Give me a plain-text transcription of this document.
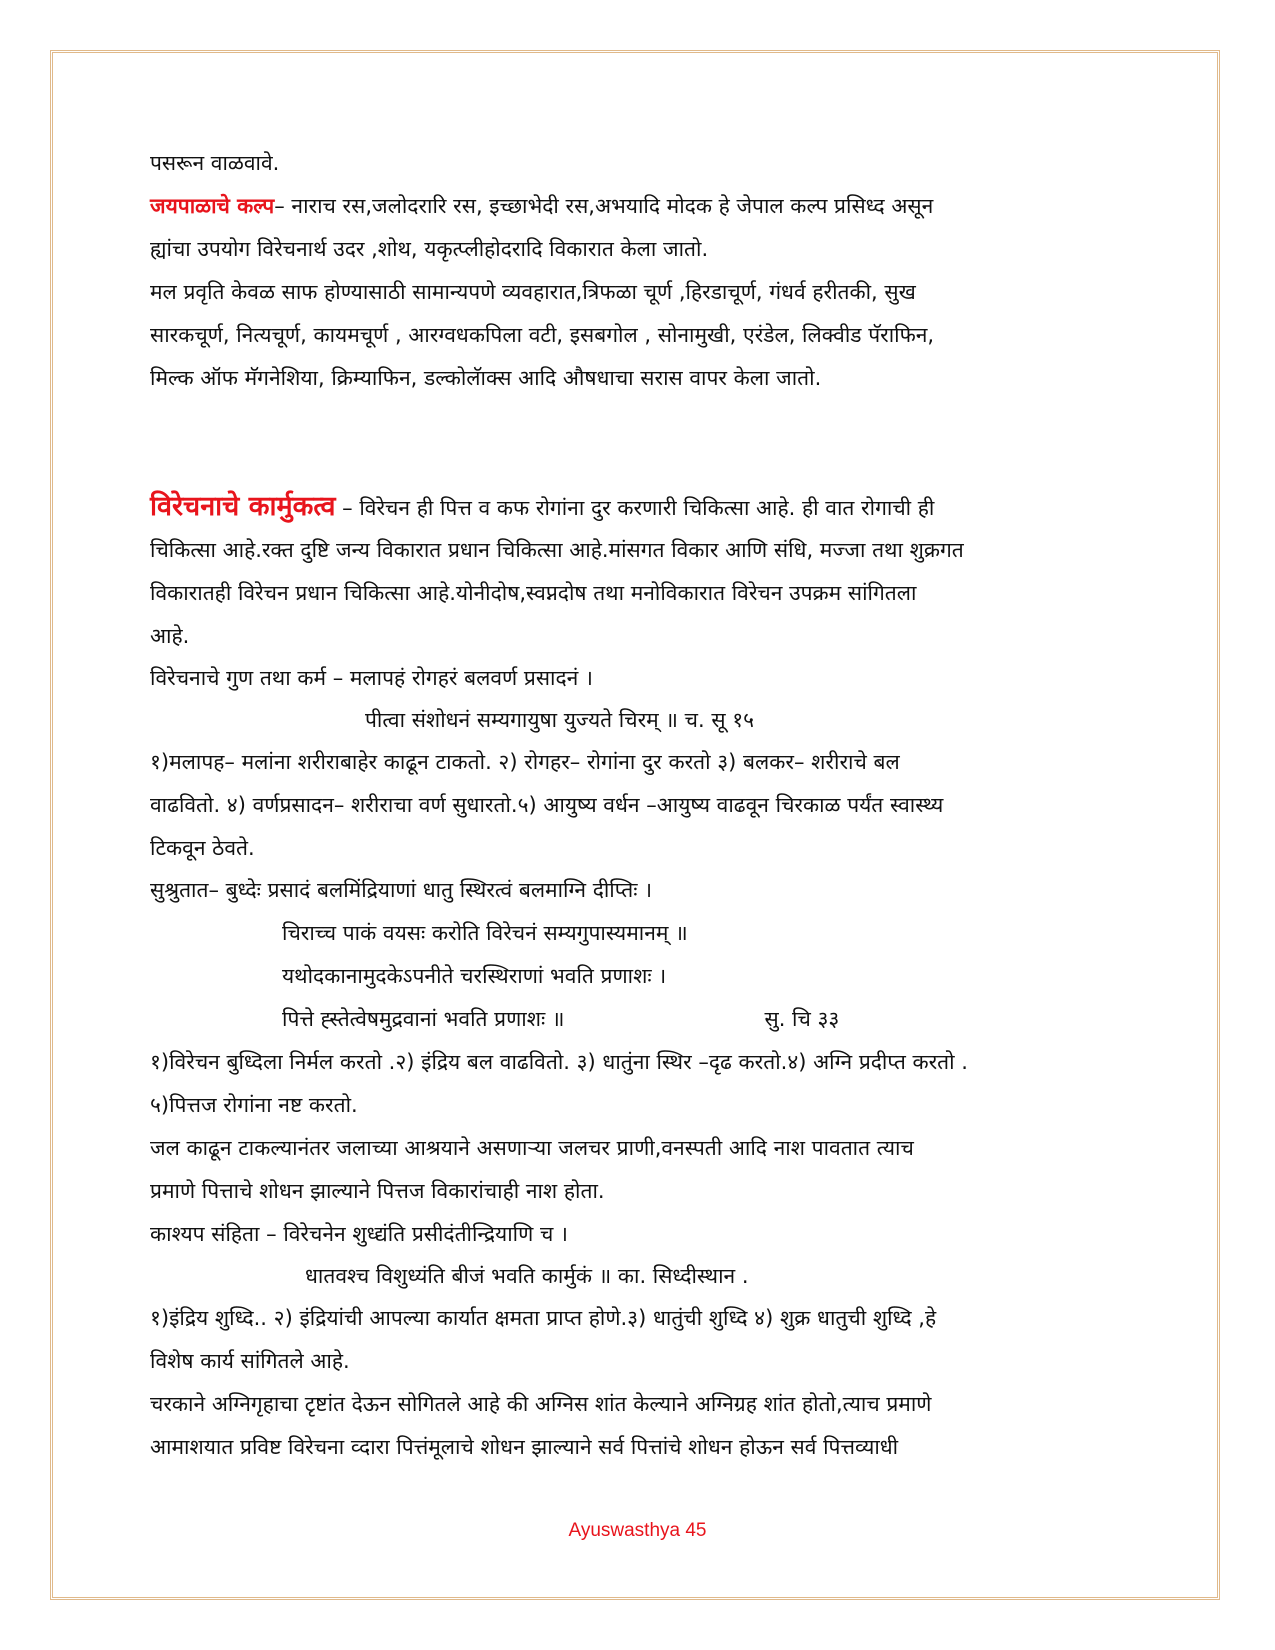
पसरून वाळवावे.
जयपाळाचे कल्प– नाराच रस,जलोदरारि रस, इच्छाभेदी रस,अभयादि मोदक हे जेपाल कल्प प्रसिध्द असून
ह्यांचा उपयोग विरेचनार्थ उदर ,शोथ, यकृत्प्लीहोदरादि विकारात केला जातो.
मल प्रवृति केवळ साफ होण्यासाठी सामान्यपणे व्यवहारात,त्रिफळा चूर्ण ,हिरडाचूर्ण, गंधर्व हरीतकी, सुख
सारकचूर्ण, नित्यचूर्ण, कायमचूर्ण , आरग्वधकपिला वटी, इसबगोल , सोनामुखी, एरंडेल, लिक्वीड पॅराफिन,
मिल्क ऑफ मॅगनेशिया, क्रिम्याफिन, डल्कोलॅाक्स आदि औषधाचा सरास वापर केला जातो.
विरेचनाचे कार्मुकत्व – विरेचन ही पित्त व कफ रोगांना दुर करणारी चिकित्सा आहे. ही वात रोगाची ही
चिकित्सा आहे.रक्त दुष्टि जन्य विकारात प्रधान चिकित्सा आहे.मांसगत विकार आणि संधि, मज्जा तथा शुक्रगत
विकारातही विरेचन प्रधान चिकित्सा आहे.योनीदोष,स्वप्नदोष तथा मनोविकारात विरेचन उपक्रम सांगितला
आहे.
विरेचनाचे गुण तथा कर्म – मलापहं रोगहरं बलवर्ण प्रसादनं ।
पीत्वा संशोधनं सम्यगायुषा युज्यते चिरम् ॥ च. सू १५
१)मलापह– मलांना शरीराबाहेर काढून टाकतो. २) रोगहर– रोगांना दुर करतो ३) बलकर– शरीराचे बल
वाढवितो. ४) वर्णप्रसादन– शरीराचा वर्ण सुधारतो.५) आयुष्य वर्धन –आयुष्य वाढवून चिरकाळ पर्यंत स्वास्थ्य
टिकवून ठेवते.
सुश्रुतात– बुध्देः प्रसादं बलमिंद्रियाणां धातु स्थिरत्वं बलमाग्नि दीप्तिः ।
चिराच्च पाकं वयसः करोति विरेचनं सम्यगुपास्यमानम् ॥
यथोदकानामुदकेऽपनीते चरस्थिराणां भवति प्रणाशः ।
पित्ते ह्स्तेत्वेषमुद्रवानां भवति प्रणाशः ॥	सु. चि ३३
१)विरेचन बुध्दिला निर्मल करतो .२) इंद्रिय बल वाढवितो. ३) धातुंना स्थिर –दृढ करतो.४) अग्नि प्रदीप्त करतो .
५)पित्तज रोगांना नष्ट करतो.
जल काढून टाकल्यानंतर जलाच्या आश्रयाने असणाऱ्या जलचर प्राणी,वनस्पती आदि नाश पावतात त्याच
प्रमाणे पित्ताचे शोधन झाल्याने पित्तज विकारांचाही नाश होता.
काश्यप संहिता – विरेचनेन शुध्द्यंति प्रसीदंतीन्द्रियाणि च ।
धातवश्च विशुध्यंति बीजं भवति कार्मुकं ॥ का. सिध्दीस्थान .
१)इंद्रिय शुध्दि.. २) इंद्रियांची आपल्या कार्यात क्षमता प्राप्त होणे.३) धातुंची शुध्दि ४) शुक्र धातुची शुध्दि ,हे
विशेष कार्य सांगितले आहे.
चरकाने अग्निगृहाचा टृष्टांत देऊन सोगितले आहे की अग्निस शांत केल्याने अग्निग्रह शांत होतो,त्याच प्रमाणे
आमाशयात प्रविष्ट विरेचना व्दारा पित्तंमूलाचे शोधन झाल्याने सर्व पित्तांचे शोधन होऊन सर्व पित्तव्याधी
Ayuswasthya 45
